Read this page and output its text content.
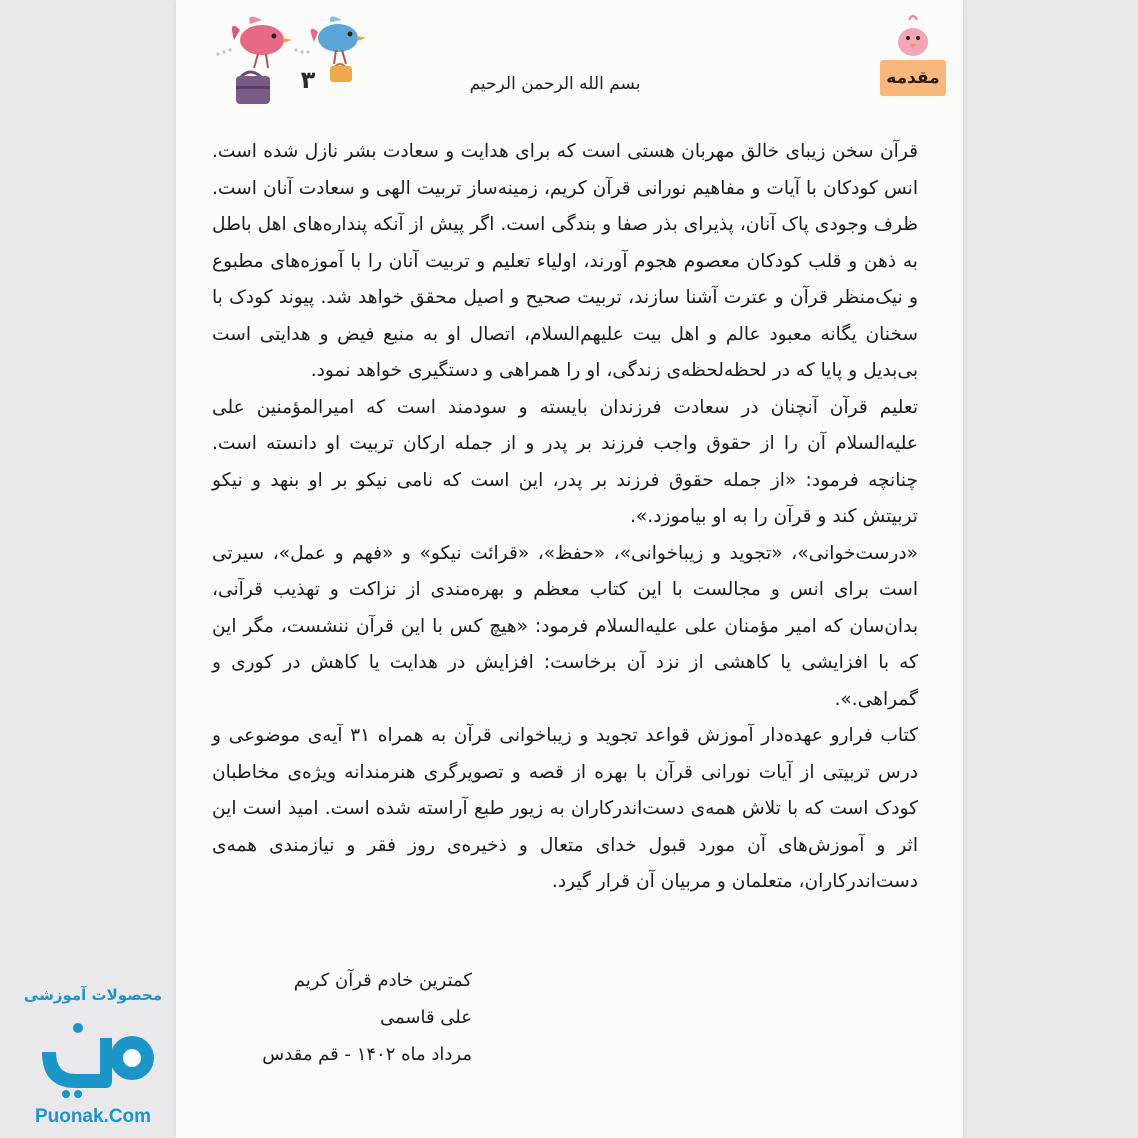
۳	بسم الله الرحمن الرحیم	مقدمه

قرآن سخن زیبای خالق مهربان هستی است که برای هدایت و سعادت بشر نازل شده است. انس کودکان با آیات و مفاهیم نورانی قرآن کریم، زمینه‌ساز تربیت الهی و سعادت آنان است. ظرف وجودی پاک آنان، پذیرای بذر صفا و بندگی است. اگر پیش از آنکه پنداره‌های اهل باطل به ذهن و قلب کودکان معصوم هجوم آورند، اولیاء تعلیم و تربیت آنان را با آموزه‌های مطبوع و نیک‌منظر قرآن و عترت آشنا سازند، تربیت صحیح و اصیل محقق خواهد شد. پیوند کودک با سخنان یگانه معبود عالم و اهل بیت علیهم‌السلام، اتصال او به منبع فیض و هدایتی است بی‌بدیل و پایا که در لحظه‌لحظه‌ی زندگی، او را همراهی و دستگیری خواهد نمود.

تعلیم قرآن آنچنان در سعادت فرزندان بایسته و سودمند است که امیرالمؤمنین علی علیه‌السلام آن را از حقوق واجب فرزند بر پدر و از جمله ارکان تربیت او دانسته است. چنانچه فرمود: «از جمله حقوق فرزند بر پدر، این است که نامی نیکو بر او بنهد و نیکو تربیتش کند و قرآن را به او بیاموزد.».

«درست‌خوانی»، «تجوید و زیباخوانی»، «حفظ»، «قرائت نیکو» و «فهم و عمل»، سیرتی است برای انس و مجالست با این کتاب معظم و بهره‌مندی از نزاکت و تهذیب قرآنی، بدان‌سان که امیر مؤمنان علی علیه‌السلام فرمود: «هیچ کس با این قرآن ننشست، مگر این که با افزایشی یا کاهشی از نزد آن برخاست: افزایش در هدایت یا کاهش در کوری و گمراهی.».

کتاب فرارو عهده‌دار آموزش قواعد تجوید و زیباخوانی قرآن به همراه ۳۱ آیه‌ی موضوعی و درس تربیتی از آیات نورانی قرآن با بهره از قصه و تصویرگری هنرمندانه ویژه‌ی مخاطبان کودک است که با تلاش همه‌ی دست‌اندرکاران به زیور طبع آراسته شده است. امید است این اثر و آموزش‌های آن مورد قبول خدای متعال و ذخیره‌ی روز فقر و نیازمندی همه‌ی دست‌اندرکاران، متعلمان و مربیان آن قرار گیرد.

کمترین خادم قرآن کریم
علی قاسمی
مرداد ماه ۱۴۰۲ - قم مقدس
محصولات آموزشی
Puonak.Com
